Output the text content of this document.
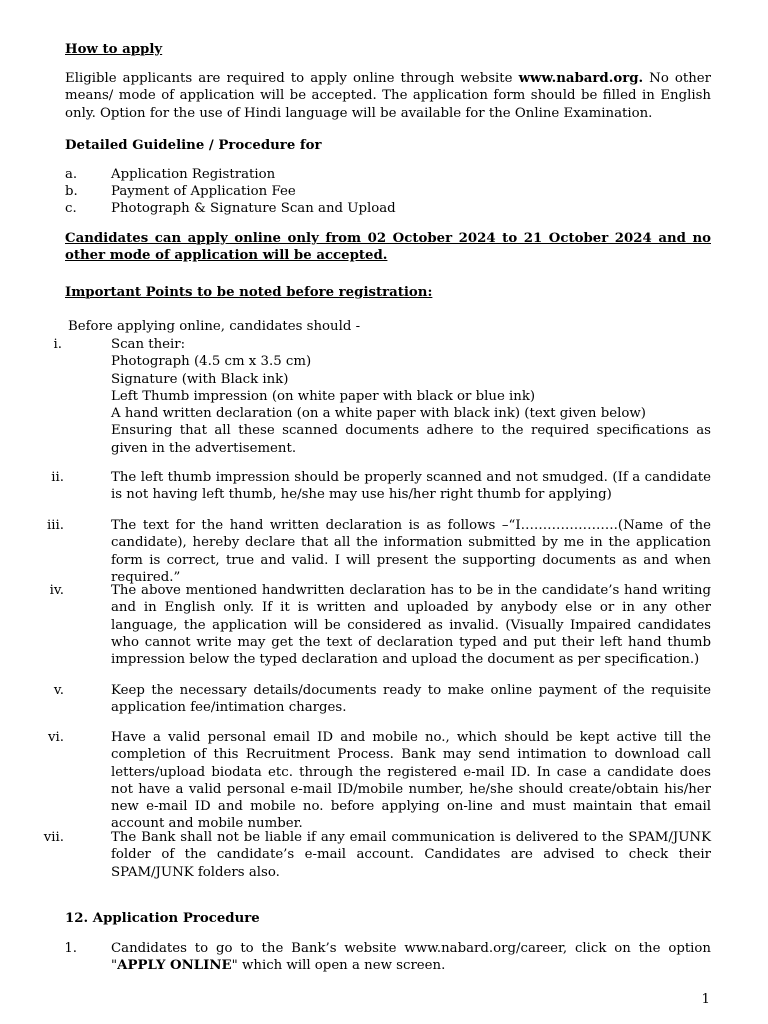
How to apply

Eligible applicants are required to apply online through website www.nabard.org. No other means/ mode of application will be accepted. The application form should be filled in English only. Option for the use of Hindi language will be available for the Online Examination.

Detailed Guideline / Procedure for

a.	Application Registration
b.	Payment of Application Fee
c.	Photograph & Signature Scan and Upload

Candidates can apply online only from 02 October 2024 to 21 October 2024 and no other mode of application will be accepted.

Important Points to be noted before registration:

Before applying online, candidates should -

i.	Scan their:
Photograph (4.5 cm x 3.5 cm)
Signature (with Black ink)
Left Thumb impression (on white paper with black or blue ink)
A hand written declaration (on a white paper with black ink) (text given below)
Ensuring that all these scanned documents adhere to the required specifications as given in the advertisement.
ii.	The left thumb impression should be properly scanned and not smudged. (If a candidate is not having left thumb, he/she may use his/her right thumb for applying)
iii.	The text for the hand written declaration is as follows –“I………………….(Name of the candidate), hereby declare that all the information submitted by me in the application form is correct, true and valid. I will present the supporting documents as and when required.”
iv.	The above mentioned handwritten declaration has to be in the candidate’s hand writing and in English only. If it is written and uploaded by anybody else or in any other language, the application will be considered as invalid. (Visually Impaired candidates who cannot write may get the text of declaration typed and put their left hand thumb impression below the typed declaration and upload the document as per specification.)
v.	Keep the necessary details/documents ready to make online payment of the requisite application fee/intimation charges.
vi.	Have a valid personal email ID and mobile no., which should be kept active till the completion of this Recruitment Process. Bank may send intimation to download call letters/upload biodata etc. through the registered e-mail ID. In case a candidate does not have a valid personal e-mail ID/mobile number, he/she should create/obtain his/her new e-mail ID and mobile no. before applying on-line and must maintain that email account and mobile number.
vii.	The Bank shall not be liable if any email communication is delivered to the SPAM/JUNK folder of the candidate’s e-mail account. Candidates are advised to check their SPAM/JUNK folders also.

12. Application Procedure

1.	Candidates to go to the Bank’s website www.nabard.org/career, click on the option "APPLY ONLINE" which will open a new screen.
1
